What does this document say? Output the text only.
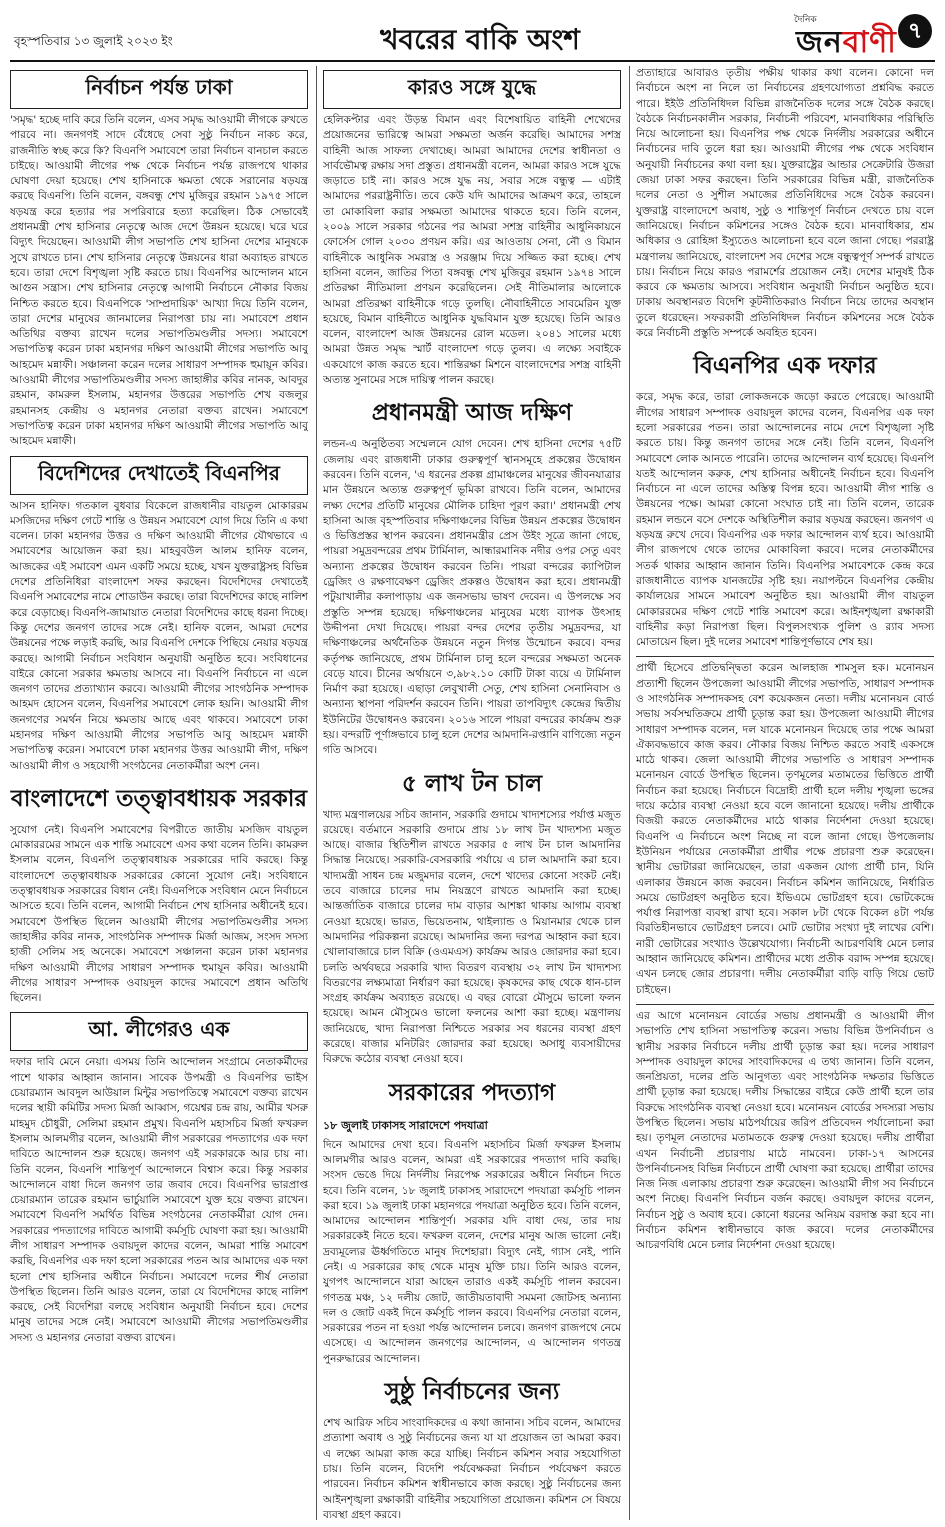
বৃহস্পতিবার ১৩ জুলাই ২০২৩ ইং	খবরের বাকি অংশ
দৈনিক
জনবাণী ৭
নির্বাচন পর্যন্ত ঢাকা

'সমৃদ্ধ' হচ্ছে দাবি করে তিনি বলেন, এসব সমৃদ্ধ আওয়ামী লীগকে রুখতে পারবে না। জনগণই সাদে বেঁধেছে সেবা সুষ্ঠু নির্বাচন নাকচ করে, রাজনীতি স্বচ্ছ করে কি? বিএনপি সমাবেশে তারা নির্বাচন বানচাল করতে চাইছে। আওয়ামী লীগের পক্ষ থেকে নির্বাচন পর্যন্ত রাজপথে থাকার ঘোষণা দেয়া হয়েছে। শেখ হাসিনাকে ক্ষমতা থেকে সরানোর ষড়যন্ত্র করছে বিএনপি। তিনি বলেন, বঙ্গবন্ধু শেখ মুজিবুর রহমান ১৯৭৫ সালে ষড়যন্ত্র করে হত্যার পর সপরিবারে হত্যা করেছিল। ঠিক সেভাবেই প্রধানমন্ত্রী শেখ হাসিনার নেতৃত্বে আজ দেশে উন্নয়ন হয়েছে। ঘরে ঘরে বিদ্যুৎ দিয়েছেন। আওয়ামী লীগ সভাপতি শেখ হাসিনা দেশের মানুষকে সুখে রাখতে চান। শেখ হাসিনার নেতৃত্বে উন্নয়নের ধারা অব্যাহত রাখতে হবে। তারা দেশে বিশৃঙ্খলা সৃষ্টি করতে চায়। বিএনপির আন্দোলন মানে আগুন সন্ত্রাস। শেখ হাসিনার নেতৃত্বে আগামী নির্বাচনে নৌকার বিজয় নিশ্চিত করতে হবে। বিএনপিকে 'সাম্প্রদায়িক' আখ্যা দিয়ে তিনি বলেন, তারা দেশের মানুষের জানমালের নিরাপত্তা চায় না। সমাবেশে প্রধান অতিথির বক্তব্য রাখেন দলের সভাপতিমণ্ডলীর সদস্য। সমাবেশে সভাপতিত্ব করেন ঢাকা মহানগর দক্ষিণ আওয়ামী লীগের সভাপতি আবু আহমেদ মন্নাফী। সঞ্চালনা করেন দলের সাধারণ সম্পাদক হুমায়ূন কবির। আওয়ামী লীগের সভাপতিমণ্ডলীর সদস্য জাহাঙ্গীর কবির নানক, আবদুর রহমান, কামরুল ইসলাম, মহানগর উত্তরের সভাপতি শেখ বজলুর রহমানসহ কেন্দ্রীয় ও মহানগর নেতারা বক্তব্য রাখেন। সমাবেশে সভাপতিত্ব করেন ঢাকা মহানগর দক্ষিণ আওয়ামী লীগের সভাপতি আবু আহমেদ মন্নাফী।

বিদেশিদের দেখাতেই বিএনপির

আসন হানিফ। গতকাল বুধবার বিকেলে রাজধানীর বায়তুল মোকাররম মসজিদের দক্ষিণ গেটে শান্তি ও উন্নয়ন সমাবেশে যোগ দিয়ে তিনি এ কথা বলেন। ঢাকা মহানগর উত্তর ও দক্ষিণ আওয়ামী লীগের যৌথভাবে এ সমাবেশের আয়োজন করা হয়। মাহবুবউল আলম হানিফ বলেন, আজকের এই সমাবেশ এমন একটি সময়ে হচ্ছে, যখন যুক্তরাষ্ট্রসহ বিভিন্ন দেশের প্রতিনিধিরা বাংলাদেশ সফর করছেন। বিদেশিদের দেখাতেই বিএনপি সমাবেশের নামে শোডাউন করছে। তারা বিদেশিদের কাছে নালিশ করে বেড়াচ্ছে। বিএনপি-জামায়াত নেতারা বিদেশিদের কাছে ধরনা দিচ্ছে। কিন্তু দেশের জনগণ তাদের সঙ্গে নেই। হানিফ বলেন, আমরা দেশের উন্নয়নের পক্ষে লড়াই করছি, আর বিএনপি দেশকে পিছিয়ে নেয়ার ষড়যন্ত্র করছে। আগামী নির্বাচন সংবিধান অনুযায়ী অনুষ্ঠিত হবে। সংবিধানের বাইরে কোনো সরকার ক্ষমতায় আসবে না। বিএনপি নির্বাচনে না এলে জনগণ তাদের প্রত্যাখ্যান করবে। আওয়ামী লীগের সাংগঠনিক সম্পাদক আহমদ হোসেন বলেন, বিএনপির সমাবেশে লোক হয়নি। আওয়ামী লীগ জনগণের সমর্থন নিয়ে ক্ষমতায় আছে এবং থাকবে। সমাবেশে ঢাকা মহানগর দক্ষিণ আওয়ামী লীগের সভাপতি আবু আহমেদ মন্নাফী সভাপতিত্ব করেন। সমাবেশে ঢাকা মহানগর উত্তর আওয়ামী লীগ, দক্ষিণ আওয়ামী লীগ ও সহযোগী সংগঠনের নেতাকর্মীরা অংশ নেন।

বাংলাদেশে তত্ত্বাবধায়ক সরকার

সুযোগ নেই। বিএনপি সমাবেশের বিপরীতে জাতীয় মসজিদ বায়তুল মোকাররমের সামনে এক শান্তি সমাবেশে এসব কথা বলেন তিনি। কামরুল ইসলাম বলেন, বিএনপি তত্ত্বাবধায়ক সরকারের দাবি করছে। কিন্তু বাংলাদেশে তত্ত্বাবধায়ক সরকারের কোনো সুযোগ নেই। সংবিধানে তত্ত্বাবধায়ক সরকারের বিধান নেই। বিএনপিকে সংবিধান মেনে নির্বাচনে আসতে হবে। তিনি বলেন, আগামী নির্বাচন শেখ হাসিনার অধীনেই হবে। সমাবেশে উপস্থিত ছিলেন আওয়ামী লীগের সভাপতিমণ্ডলীর সদস্য জাহাঙ্গীর কবির নানক, সাংগঠনিক সম্পাদক মির্জা আজম, সংসদ সদস্য হাজী সেলিম সহ অনেকে। সমাবেশে সঞ্চালনা করেন ঢাকা মহানগর দক্ষিণ আওয়ামী লীগের সাধারণ সম্পাদক হুমায়ূন কবির। আওয়ামী লীগের সাধারণ সম্পাদক ওবায়দুল কাদের সমাবেশে প্রধান অতিথি ছিলেন।

আ. লীগেরও এক

দফার দাবি মেনে নেয়া। এসময় তিনি আন্দোলন সংগ্রামে নেতাকর্মীদের পাশে থাকার আহ্বান জানান। সাবেক উপমন্ত্রী ও বিএনপির ভাইস চেয়ারম্যান আবদুল আউয়াল মিন্টুর সভাপতিত্বে সমাবেশে বক্তব্য রাখেন দলের স্থায়ী কমিটির সদস্য মির্জা আব্বাস, গয়েশ্বর চন্দ্র রায়, আমীর খসরু মাহমুদ চৌধুরী, সেলিমা রহমান প্রমুখ। বিএনপি মহাসচিব মির্জা ফখরুল ইসলাম আলমগীর বলেন, আওয়ামী লীগ সরকারের পদত্যাগের এক দফা দাবিতে আন্দোলন শুরু হয়েছে। জনগণ এই সরকারকে আর চায় না। তিনি বলেন, বিএনপি শান্তিপূর্ণ আন্দোলনে বিশ্বাস করে। কিন্তু সরকার আন্দোলনে বাধা দিলে জনগণ তার জবাব দেবে। বিএনপির ভারপ্রাপ্ত চেয়ারম্যান তারেক রহমান ভার্চুয়ালি সমাবেশে যুক্ত হয়ে বক্তব্য রাখেন। সমাবেশে বিএনপি সমর্থিত বিভিন্ন সংগঠনের নেতাকর্মীরা যোগ দেন। সরকারের পদত্যাগের দাবিতে আগামী কর্মসূচি ঘোষণা করা হয়। আওয়ামী লীগ সাধারণ সম্পাদক ওবায়দুল কাদের বলেন, আমরা শান্তি সমাবেশ করছি, বিএনপির এক দফা হলো সরকারের পতন আর আমাদের এক দফা হলো শেখ হাসিনার অধীনে নির্বাচন। সমাবেশে দলের শীর্ষ নেতারা উপস্থিত ছিলেন। তিনি আরও বলেন, তারা যে বিদেশিদের কাছে নালিশ করছে, সেই বিদেশিরা বলছে সংবিধান অনুযায়ী নির্বাচন হবে। দেশের মানুষ তাদের সঙ্গে নেই। সমাবেশে আওয়ামী লীগের সভাপতিমণ্ডলীর সদস্য ও মহানগর নেতারা বক্তব্য রাখেন।

কারও সঙ্গে যুদ্ধে

হেলিকপ্টার এবং উড়ন্ত বিমান এবং বিশেষায়িত বাহিনী শেখেদের প্রয়োজনের ভারিত্বে আমরা সক্ষমতা অর্জন করেছি। আমাদের সশস্ত্র বাহিনী আজ সাফল্য দেখাচ্ছে। আমরা আমাদের দেশের স্বাধীনতা ও সার্বভৌমত্ব রক্ষায় সদা প্রস্তুত। প্রধানমন্ত্রী বলেন, আমরা কারও সঙ্গে যুদ্ধে জড়াতে চাই না। কারও সঙ্গে যুদ্ধ নয়, সবার সঙ্গে বন্ধুত্ব — এটাই আমাদের পররাষ্ট্রনীতি। তবে কেউ যদি আমাদের আক্রমণ করে, তাহলে তা মোকাবিলা করার সক্ষমতা আমাদের থাকতে হবে। তিনি বলেন, ২০০৯ সালে সরকার গঠনের পর আমরা সশস্ত্র বাহিনীর আধুনিকায়নে ফোর্সেস গোল ২০৩০ প্রণয়ন করি। এর আওতায় সেনা, নৌ ও বিমান বাহিনীকে আধুনিক সমরাস্ত্র ও সরঞ্জাম দিয়ে সজ্জিত করা হচ্ছে। শেখ হাসিনা বলেন, জাতির পিতা বঙ্গবন্ধু শেখ মুজিবুর রহমান ১৯৭৪ সালে প্রতিরক্ষা নীতিমালা প্রণয়ন করেছিলেন। সেই নীতিমালার আলোকে আমরা প্রতিরক্ষা বাহিনীকে গড়ে তুলছি। নৌবাহিনীতে সাবমেরিন যুক্ত হয়েছে, বিমান বাহিনীতে আধুনিক যুদ্ধবিমান যুক্ত হয়েছে। তিনি আরও বলেন, বাংলাদেশ আজ উন্নয়নের রোল মডেল। ২০৪১ সালের মধ্যে আমরা উন্নত সমৃদ্ধ স্মার্ট বাংলাদেশ গড়ে তুলব। এ লক্ষ্যে সবাইকে একযোগে কাজ করতে হবে। শান্তিরক্ষা মিশনে বাংলাদেশের সশস্ত্র বাহিনী অত্যন্ত সুনামের সঙ্গে দায়িত্ব পালন করছে।

প্রধানমন্ত্রী আজ দক্ষিণ

লন্ডন-এ অনুষ্ঠিতব্য সম্মেলনে যোগ দেবেন। শেখ হাসিনা দেশের ৭৫টি জেলায় এবং রাজধানী ঢাকার গুরুত্বপূর্ণ স্থানসমূহে প্রকল্পের উদ্বোধন করবেন। তিনি বলেন, 'এ ধরনের প্রকল্প গ্রামাঞ্চলের মানুষের জীবনযাত্রার মান উন্নয়নে অত্যন্ত গুরুত্বপূর্ণ ভূমিকা রাখবে। তিনি বলেন, আমাদের লক্ষ্য দেশের প্রতিটি মানুষের মৌলিক চাহিদা পূরণ করা।' প্রধানমন্ত্রী শেখ হাসিনা আজ বৃহস্পতিবার দক্ষিণাঞ্চলের বিভিন্ন উন্নয়ন প্রকল্পের উদ্বোধন ও ভিত্তিপ্রস্তর স্থাপন করবেন। প্রধানমন্ত্রীর প্রেস উইং সূত্রে জানা গেছে, পায়রা সমুদ্রবন্দরের প্রথম টার্মিনাল, আন্ধারমানিক নদীর ওপর সেতু এবং অন্যান্য প্রকল্পের উদ্বোধন করবেন তিনি। পায়রা বন্দরের ক্যাপিটাল ড্রেজিং ও রক্ষণাবেক্ষণ ড্রেজিং প্রকল্পও উদ্বোধন করা হবে। প্রধানমন্ত্রী পটুয়াখালীর কলাপাড়ায় এক জনসভায় ভাষণ দেবেন। এ উপলক্ষে সব প্রস্তুতি সম্পন্ন হয়েছে। দক্ষিণাঞ্চলের মানুষের মধ্যে ব্যাপক উৎসাহ উদ্দীপনা দেখা দিয়েছে। পায়রা বন্দর দেশের তৃতীয় সমুদ্রবন্দর, যা দক্ষিণাঞ্চলের অর্থনৈতিক উন্নয়নে নতুন দিগন্ত উন্মোচন করবে। বন্দর কর্তৃপক্ষ জানিয়েছে, প্রথম টার্মিনাল চালু হলে বন্দরের সক্ষমতা অনেক বেড়ে যাবে। চীনের অর্থায়নে ৩,৯৮২.১০ কোটি টাকা ব্যয়ে এ টার্মিনাল নির্মাণ করা হয়েছে। এছাড়া লেবুখালী সেতু, শেখ হাসিনা সেনানিবাস ও অন্যান্য স্থাপনা পরিদর্শন করবেন তিনি। পায়রা তাপবিদ্যুৎ কেন্দ্রের দ্বিতীয় ইউনিটের উদ্বোধনও করবেন। ২০১৬ সালে পায়রা বন্দরের কার্যক্রম শুরু হয়। বন্দরটি পূর্ণাঙ্গভাবে চালু হলে দেশের আমদানি-রপ্তানি বাণিজ্যে নতুন গতি আসবে।

৫ লাখ টন চাল

খাদ্য মন্ত্রণালয়ের সচিব জানান, সরকারি গুদামে খাদ্যশস্যের পর্যাপ্ত মজুত রয়েছে। বর্তমানে সরকারি গুদামে প্রায় ১৮ লাখ টন খাদ্যশস্য মজুত আছে। বাজার স্থিতিশীল রাখতে সরকার ৫ লাখ টন চাল আমদানির সিদ্ধান্ত নিয়েছে। সরকারি-বেসরকারি পর্যায়ে এ চাল আমদানি করা হবে। খাদ্যমন্ত্রী সাধন চন্দ্র মজুমদার বলেন, দেশে খাদ্যের কোনো সংকট নেই। তবে বাজারে চালের দাম নিয়ন্ত্রণে রাখতে আমদানি করা হচ্ছে। আন্তর্জাতিক বাজারে চালের দাম বাড়ার আশঙ্কা থাকায় আগাম ব্যবস্থা নেওয়া হয়েছে। ভারত, ভিয়েতনাম, থাইল্যান্ড ও মিয়ানমার থেকে চাল আমদানির পরিকল্পনা রয়েছে। আমদানির জন্য দরপত্র আহ্বান করা হবে। খোলাবাজারে চাল বিক্রি (ওএমএস) কার্যক্রম আরও জোরদার করা হবে। চলতি অর্থবছরে সরকারি খাদ্য বিতরণ ব্যবস্থায় ৩২ লাখ টন খাদ্যশস্য বিতরণের লক্ষ্যমাত্রা নির্ধারণ করা হয়েছে। কৃষকদের কাছ থেকে ধান-চাল সংগ্রহ কার্যক্রম অব্যাহত রয়েছে। এ বছর বোরো মৌসুমে ভালো ফলন হয়েছে। আমন মৌসুমেও ভালো ফলনের আশা করা হচ্ছে। মন্ত্রণালয় জানিয়েছে, খাদ্য নিরাপত্তা নিশ্চিতে সরকার সব ধরনের ব্যবস্থা গ্রহণ করেছে। বাজার মনিটরিং জোরদার করা হয়েছে। অসাধু ব্যবসায়ীদের বিরুদ্ধে কঠোর ব্যবস্থা নেওয়া হবে।

সরকারের পদত্যাগ
১৮ জুলাই ঢাকাসহ সারাদেশে পদযাত্রা

দিনে আমাদের দেখা হবে। বিএনপি মহাসচিব মির্জা ফখরুল ইসলাম আলমগীর আরও বলেন, আমরা এই সরকারের পদত্যাগ দাবি করছি। সংসদ ভেঙে দিয়ে নির্দলীয় নিরপেক্ষ সরকারের অধীনে নির্বাচন দিতে হবে। তিনি বলেন, ১৮ জুলাই ঢাকাসহ সারাদেশে পদযাত্রা কর্মসূচি পালন করা হবে। ১৯ জুলাই ঢাকা মহানগরে পদযাত্রা অনুষ্ঠিত হবে। তিনি বলেন, আমাদের আন্দোলন শান্তিপূর্ণ। সরকার যদি বাধা দেয়, তার দায় সরকারকেই নিতে হবে। ফখরুল বলেন, দেশের মানুষ আজ ভালো নেই। দ্রব্যমূল্যের ঊর্ধ্বগতিতে মানুষ দিশেহারা। বিদ্যুৎ নেই, গ্যাস নেই, পানি নেই। এ সরকারের কাছ থেকে মানুষ মুক্তি চায়। তিনি আরও বলেন, যুগপৎ আন্দোলনে যারা আছেন তারাও একই কর্মসূচি পালন করবেন। গণতন্ত্র মঞ্চ, ১২ দলীয় জোট, জাতীয়তাবাদী সমমনা জোটসহ অন্যান্য দল ও জোট একই দিনে কর্মসূচি পালন করবে। বিএনপির নেতারা বলেন, সরকারের পতন না হওয়া পর্যন্ত আন্দোলন চলবে। জনগণ রাজপথে নেমে এসেছে। এ আন্দোলন জনগণের আন্দোলন, এ আন্দোলন গণতন্ত্র পুনরুদ্ধারের আন্দোলন।

সুষ্ঠু নির্বাচনের জন্য

শেখ আরিফ সচিব সাংবাদিকদের এ কথা জানান। সচিব বলেন, আমাদের প্রত্যাশা অবাধ ও সুষ্ঠু নির্বাচনের জন্য যা যা প্রয়োজন তা আমরা করব। এ লক্ষ্যে আমরা কাজ করে যাচ্ছি। নির্বাচন কমিশন সবার সহযোগিতা চায়। তিনি বলেন, বিদেশি পর্যবেক্ষকরা নির্বাচন পর্যবেক্ষণ করতে পারবেন। নির্বাচন কমিশন স্বাধীনভাবে কাজ করছে। সুষ্ঠু নির্বাচনের জন্য আইনশৃঙ্খলা রক্ষাকারী বাহিনীর সহযোগিতা প্রয়োজন। কমিশন সে বিষয়ে ব্যবস্থা গ্রহণ করবে।

প্রত্যাহারে আবারও তৃতীয় পক্ষীয় থাকার কথা বলেন। কোনো দল নির্বাচনে অংশ না নিলে তা নির্বাচনের গ্রহণযোগ্যতা প্রশ্নবিদ্ধ করতে পারে। ইইউ প্রতিনিধিদল বিভিন্ন রাজনৈতিক দলের সঙ্গে বৈঠক করছে। বৈঠকে নির্বাচনকালীন সরকার, নির্বাচনী পরিবেশ, মানবাধিকার পরিস্থিতি নিয়ে আলোচনা হয়। বিএনপির পক্ষ থেকে নির্দলীয় সরকারের অধীনে নির্বাচনের দাবি তুলে ধরা হয়। আওয়ামী লীগের পক্ষ থেকে সংবিধান অনুযায়ী নির্বাচনের কথা বলা হয়। যুক্তরাষ্ট্রের আন্ডার সেক্রেটারি উজরা জেয়া ঢাকা সফর করছেন। তিনি সরকারের বিভিন্ন মন্ত্রী, রাজনৈতিক দলের নেতা ও সুশীল সমাজের প্রতিনিধিদের সঙ্গে বৈঠক করবেন। যুক্তরাষ্ট্র বাংলাদেশে অবাধ, সুষ্ঠু ও শান্তিপূর্ণ নির্বাচন দেখতে চায় বলে জানিয়েছে। নির্বাচন কমিশনের সঙ্গেও বৈঠক হবে। মানবাধিকার, শ্রম অধিকার ও রোহিঙ্গা ইস্যুতেও আলোচনা হবে বলে জানা গেছে। পররাষ্ট্র মন্ত্রণালয় জানিয়েছে, বাংলাদেশ সব দেশের সঙ্গে বন্ধুত্বপূর্ণ সম্পর্ক রাখতে চায়। নির্বাচন নিয়ে কারও পরামর্শের প্রয়োজন নেই। দেশের মানুষই ঠিক করবে কে ক্ষমতায় আসবে। সংবিধান অনুযায়ী নির্বাচন অনুষ্ঠিত হবে। ঢাকায় অবস্থানরত বিদেশি কূটনীতিকরাও নির্বাচন নিয়ে তাদের অবস্থান তুলে ধরেছেন। সফরকারী প্রতিনিধিদল নির্বাচন কমিশনের সঙ্গে বৈঠক করে নির্বাচনী প্রস্তুতি সম্পর্কে অবহিত হবেন।

বিএনপির এক দফার

করে, সমৃদ্ধ করে, তারা লোকজনকে জড়ো করতে পেরেছে। আওয়ামী লীগের সাধারণ সম্পাদক ওবায়দুল কাদের বলেন, বিএনপির এক দফা হলো সরকারের পতন। তারা আন্দোলনের নামে দেশে বিশৃঙ্খলা সৃষ্টি করতে চায়। কিন্তু জনগণ তাদের সঙ্গে নেই। তিনি বলেন, বিএনপি সমাবেশে লোক আনতে পারেনি। তাদের আন্দোলন ব্যর্থ হয়েছে। বিএনপি যতই আন্দোলন করুক, শেখ হাসিনার অধীনেই নির্বাচন হবে। বিএনপি নির্বাচনে না এলে তাদের অস্তিত্ব বিপন্ন হবে। আওয়ামী লীগ শান্তি ও উন্নয়নের পক্ষে। আমরা কোনো সংঘাত চাই না। তিনি বলেন, তারেক রহমান লন্ডনে বসে দেশকে অস্থিতিশীল করার ষড়যন্ত্র করছেন। জনগণ এ ষড়যন্ত্র রুখে দেবে। বিএনপির এক দফার আন্দোলন ব্যর্থ হবে। আওয়ামী লীগ রাজপথে থেকে তাদের মোকাবিলা করবে। দলের নেতাকর্মীদের সতর্ক থাকার আহ্বান জানান তিনি। বিএনপির সমাবেশকে কেন্দ্র করে রাজধানীতে ব্যাপক যানজটের সৃষ্টি হয়। নয়াপল্টনে বিএনপির কেন্দ্রীয় কার্যালয়ের সামনে সমাবেশ অনুষ্ঠিত হয়। আওয়ামী লীগ বায়তুল মোকাররমের দক্ষিণ গেটে শান্তি সমাবেশ করে। আইনশৃঙ্খলা রক্ষাকারী বাহিনীর কড়া নিরাপত্তা ছিল। বিপুলসংখ্যক পুলিশ ও র‌্যাব সদস্য মোতায়েন ছিল। দুই দলের সমাবেশ শান্তিপূর্ণভাবে শেষ হয়।

প্রার্থী হিসেবে প্রতিদ্বন্দ্বিতা করেন আলহাজ শামসুল হক। মনোনয়ন প্রত্যাশী ছিলেন উপজেলা আওয়ামী লীগের সভাপতি, সাধারণ সম্পাদক ও সাংগঠনিক সম্পাদকসহ বেশ কয়েকজন নেতা। দলীয় মনোনয়ন বোর্ড সভায় সর্বসম্মতিক্রমে প্রার্থী চূড়ান্ত করা হয়। উপজেলা আওয়ামী লীগের সাধারণ সম্পাদক বলেন, দল যাকে মনোনয়ন দিয়েছে তার পক্ষে আমরা ঐক্যবদ্ধভাবে কাজ করব। নৌকার বিজয় নিশ্চিত করতে সবাই একসঙ্গে মাঠে থাকব। জেলা আওয়ামী লীগের সভাপতি ও সাধারণ সম্পাদক মনোনয়ন বোর্ডে উপস্থিত ছিলেন। তৃণমূলের মতামতের ভিত্তিতে প্রার্থী নির্বাচন করা হয়েছে। নির্বাচনে বিদ্রোহী প্রার্থী হলে দলীয় শৃঙ্খলা ভঙ্গের দায়ে কঠোর ব্যবস্থা নেওয়া হবে বলে জানানো হয়েছে। দলীয় প্রার্থীকে বিজয়ী করতে নেতাকর্মীদের মাঠে থাকার নির্দেশনা দেওয়া হয়েছে। বিএনপি এ নির্বাচনে অংশ নিচ্ছে না বলে জানা গেছে। উপজেলায় ইউনিয়ন পর্যায়ের নেতাকর্মীরা প্রার্থীর পক্ষে প্রচারণা শুরু করেছেন। স্থানীয় ভোটাররা জানিয়েছেন, তারা একজন যোগ্য প্রার্থী চান, যিনি এলাকার উন্নয়নে কাজ করবেন। নির্বাচন কমিশন জানিয়েছে, নির্ধারিত সময়ে ভোটগ্রহণ অনুষ্ঠিত হবে। ইভিএমে ভোটগ্রহণ হবে। ভোটকেন্দ্রে পর্যাপ্ত নিরাপত্তা ব্যবস্থা রাখা হবে। সকাল ৮টা থেকে বিকেল ৪টা পর্যন্ত বিরতিহীনভাবে ভোটগ্রহণ চলবে। মোট ভোটার সংখ্যা দুই লাখের বেশি। নারী ভোটারের সংখ্যাও উল্লেখযোগ্য। নির্বাচনী আচরণবিধি মেনে চলার আহ্বান জানিয়েছে কমিশন। প্রার্থীদের মধ্যে প্রতীক বরাদ্দ সম্পন্ন হয়েছে। এখন চলছে জোর প্রচারণা। দলীয় নেতাকর্মীরা বাড়ি বাড়ি গিয়ে ভোট চাইছেন।

এর আগে মনোনয়ন বোর্ডের সভায় প্রধানমন্ত্রী ও আওয়ামী লীগ সভাপতি শেখ হাসিনা সভাপতিত্ব করেন। সভায় বিভিন্ন উপনির্বাচন ও স্থানীয় সরকার নির্বাচনে দলীয় প্রার্থী চূড়ান্ত করা হয়। দলের সাধারণ সম্পাদক ওবায়দুল কাদের সাংবাদিকদের এ তথ্য জানান। তিনি বলেন, জনপ্রিয়তা, দলের প্রতি আনুগত্য এবং সাংগঠনিক দক্ষতার ভিত্তিতে প্রার্থী চূড়ান্ত করা হয়েছে। দলীয় সিদ্ধান্তের বাইরে কেউ প্রার্থী হলে তার বিরুদ্ধে সাংগঠনিক ব্যবস্থা নেওয়া হবে। মনোনয়ন বোর্ডের সদস্যরা সভায় উপস্থিত ছিলেন। সভায় মাঠপর্যায়ের জরিপ প্রতিবেদন পর্যালোচনা করা হয়। তৃণমূল নেতাদের মতামতকে গুরুত্ব দেওয়া হয়েছে। দলীয় প্রার্থীরা এখন নির্বাচনী প্রচারণায় মাঠে নামবেন। ঢাকা-১৭ আসনের উপনির্বাচনসহ বিভিন্ন নির্বাচনে প্রার্থী ঘোষণা করা হয়েছে। প্রার্থীরা তাদের নিজ নিজ এলাকায় প্রচারণা শুরু করেছেন। আওয়ামী লীগ সব নির্বাচনে অংশ নিচ্ছে। বিএনপি নির্বাচন বর্জন করছে। ওবায়দুল কাদের বলেন, নির্বাচন সুষ্ঠু ও অবাধ হবে। কোনো ধরনের অনিয়ম বরদাস্ত করা হবে না। নির্বাচন কমিশন স্বাধীনভাবে কাজ করবে। দলের নেতাকর্মীদের আচরণবিধি মেনে চলার নির্দেশনা দেওয়া হয়েছে।
